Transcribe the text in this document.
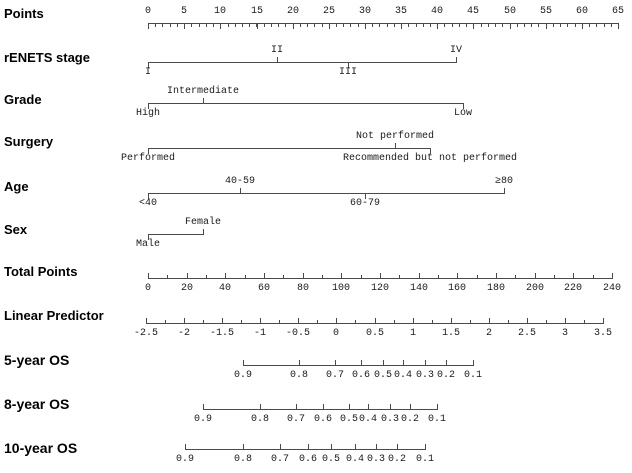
Points	0	5	10 15 20 25 30 35 40 45 50 55 60 65
rENETS stage
I
II
III
IV
Grade
High
Intermediate
Low
Surgery
Performed
Not performed
Recommended but not performed
Age
<40
40-59
60-79
≥80
Sex
Male
Female
Total Points
0	20	40	60	80 100 120 140 160 180 200 220 240
Linear Predictor
-2.5 -2 -1.5 -1 -0.5 0	0.5	1	1.5	2	2.5	3	3.5
5-year OS
0.9	0.8 0.7 0.6 0.5 0.4 0.3 0.2 0.1
8-year OS
0.9	0.8 0.7 0.6 0.5 0.4 0.3 0.2 0.1
10-year OS
0.9	0.8 0.7 0.6 0.5 0.4 0.3 0.2 0.1
